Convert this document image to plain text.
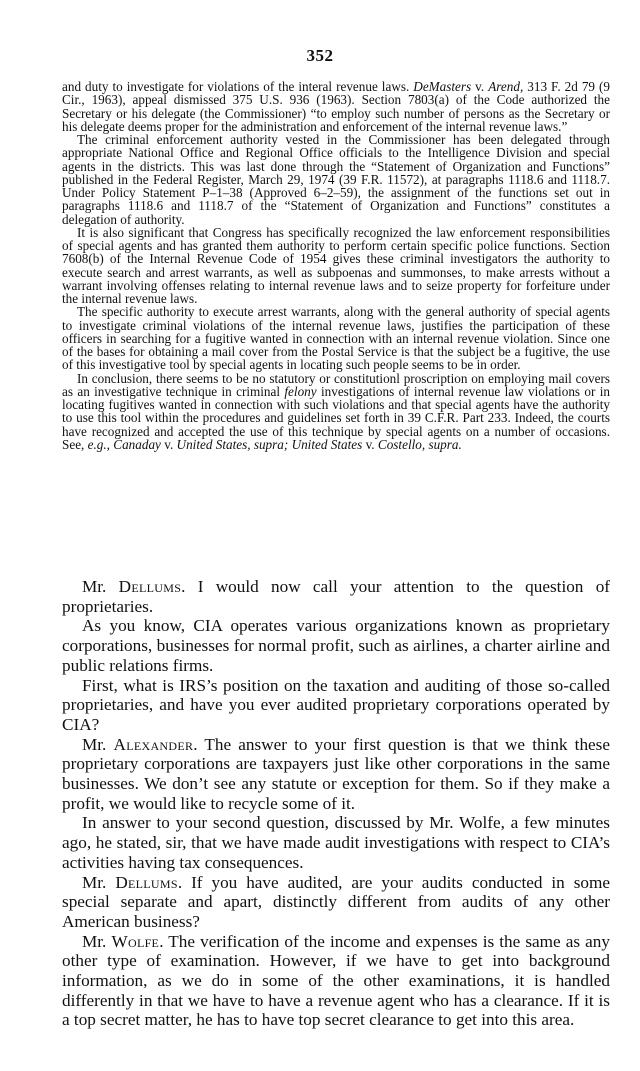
352

and duty to investigate for violations of the interal revenue laws. DeMasters v. Arend, 313 F. 2d 79 (9 Cir., 1963), appeal dismissed 375 U.S. 936 (1963). Section 7803(a) of the Code authorized the Secretary or his delegate (the Commissioner) “to employ such number of persons as the Secretary or his delegate deems proper for the administration and enforcement of the internal revenue laws.”

The criminal enforcement authority vested in the Commissioner has been delegated through appropriate National Office and Regional Office officials to the Intelligence Division and special agents in the districts. This was last done through the “Statement of Organization and Functions” published in the Federal Register, March 29, 1974 (39 F.R. 11572), at paragraphs 1118.6 and 1118.7. Under Policy Statement P–1–38 (Approved 6–2–59), the assignment of the functions set out in paragraphs 1118.6 and 1118.7 of the “Statement of Organization and Functions” constitutes a delegation of authority.

It is also significant that Congress has specifically recognized the law enforcement responsibilities of special agents and has granted them authority to perform certain specific police functions. Section 7608(b) of the Internal Revenue Code of 1954 gives these criminal investigators the authority to execute search and arrest warrants, as well as subpoenas and summonses, to make arrests without a warrant involving offenses relating to internal revenue laws and to seize property for forfeiture under the internal revenue laws.

The specific authority to execute arrest warrants, along with the general authority of special agents to investigate criminal violations of the internal revenue laws, justifies the participation of these officers in searching for a fugitive wanted in connection with an internal revenue violation. Since one of the bases for obtaining a mail cover from the Postal Service is that the subject be a fugitive, the use of this investigative tool by special agents in locating such people seems to be in order.

In conclusion, there seems to be no statutory or constitutionl proscription on employing mail covers as an investigative technique in criminal felony investigations of internal revenue law violations or in locating fugitives wanted in connection with such violations and that special agents have the authority to use this tool within the procedures and guidelines set forth in 39 C.F.R. Part 233. Indeed, the courts have recognized and accepted the use of this technique by special agents on a number of occasions. See, e.g., Canaday v. United States, supra; United States v. Costello, supra.

Mr. Dellums. I would now call your attention to the question of proprietaries.

As you know, CIA operates various organizations known as proprietary corporations, businesses for normal profit, such as airlines, a charter airline and public relations firms.

First, what is IRS’s position on the taxation and auditing of those so-called proprietaries, and have you ever audited proprietary corporations operated by CIA?

Mr. Alexander. The answer to your first question is that we think these proprietary corporations are taxpayers just like other corporations in the same businesses. We don’t see any statute or exception for them. So if they make a profit, we would like to recycle some of it.

In answer to your second question, discussed by Mr. Wolfe, a few minutes ago, he stated, sir, that we have made audit investigations with respect to CIA’s activities having tax consequences.

Mr. Dellums. If you have audited, are your audits conducted in some special separate and apart, distinctly different from audits of any other American business?

Mr. Wolfe. The verification of the income and expenses is the same as any other type of examination. However, if we have to get into background information, as we do in some of the other examinations, it is handled differently in that we have to have a revenue agent who has a clearance. If it is a top secret matter, he has to have top secret clearance to get into this area.
